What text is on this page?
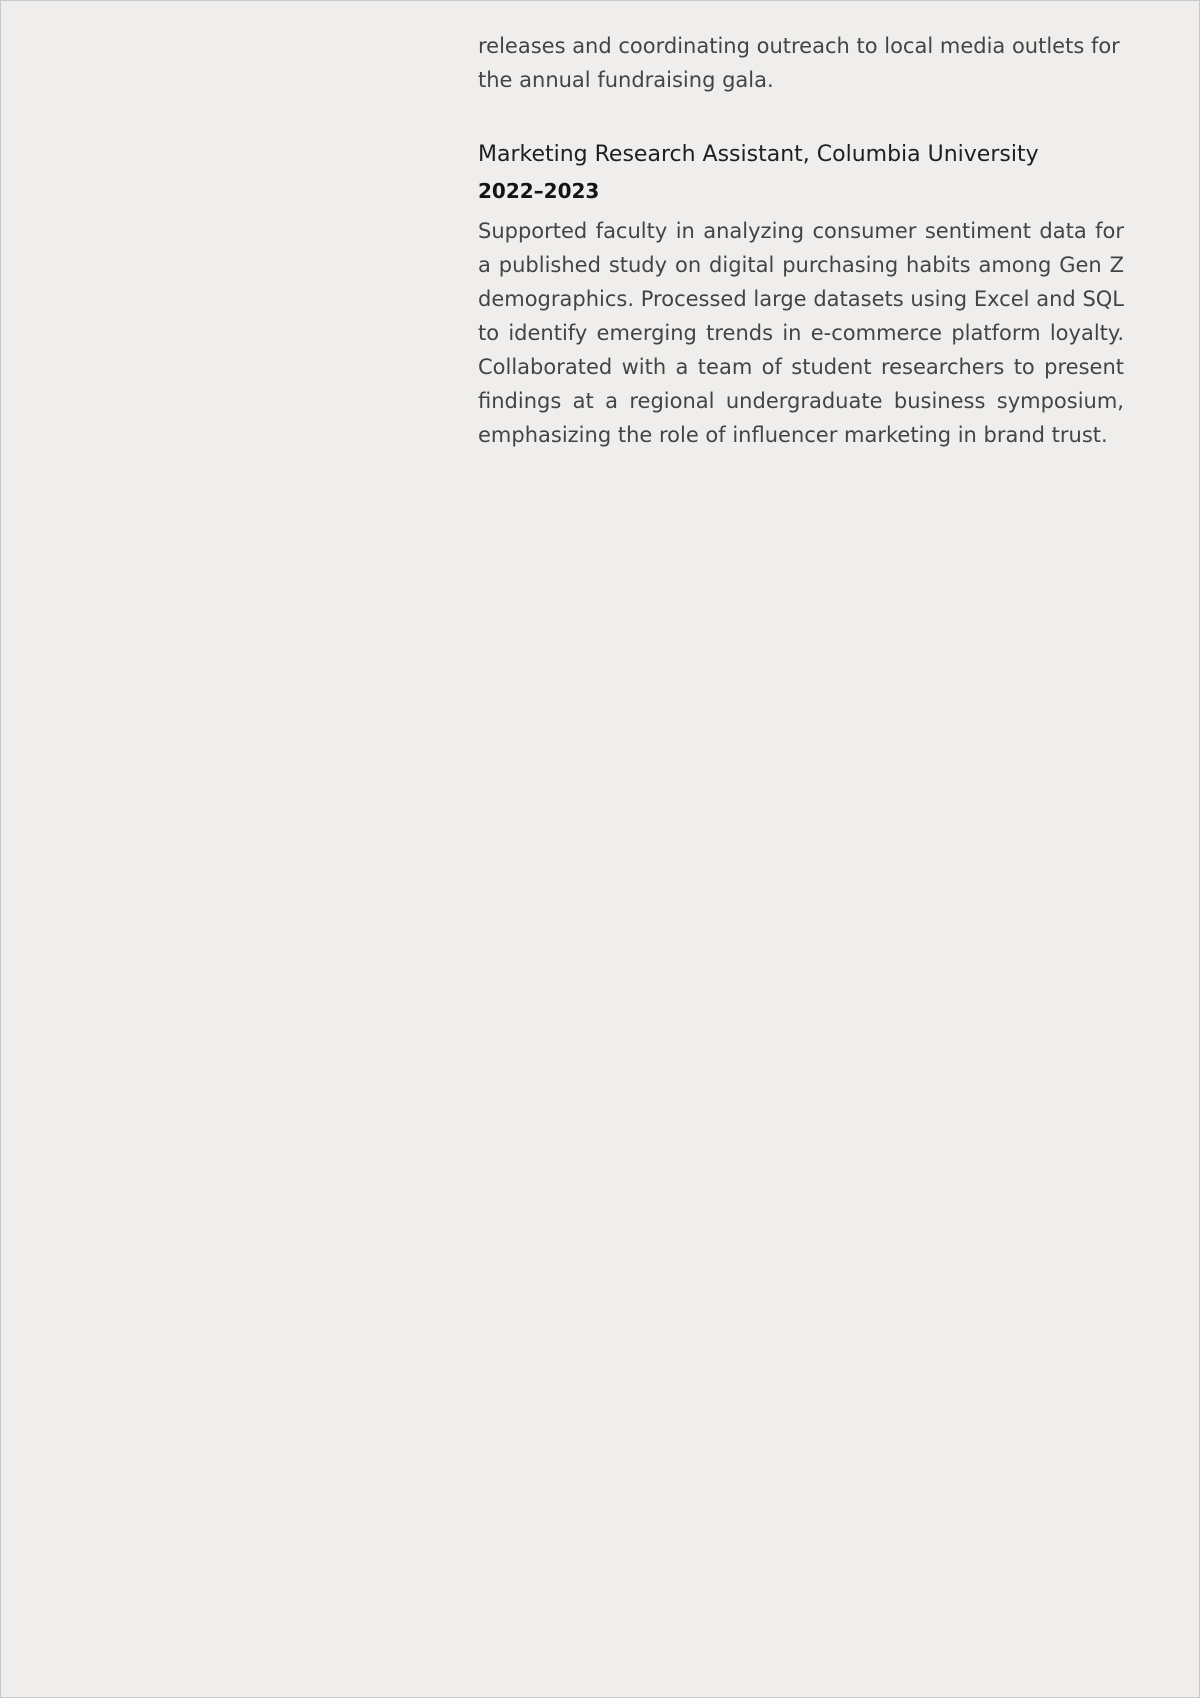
releases and coordinating outreach to local media outlets for the annual fundraising gala.

Marketing Research Assistant, Columbia University
2022–2023

Supported faculty in analyzing consumer sentiment data for a published study on digital purchasing habits among Gen Z demographics. Processed large datasets using Excel and SQL to identify emerging trends in e-commerce platform loyalty. Collaborated with a team of student researchers to present findings at a regional undergraduate business symposium, emphasizing the role of influencer marketing in brand trust.
